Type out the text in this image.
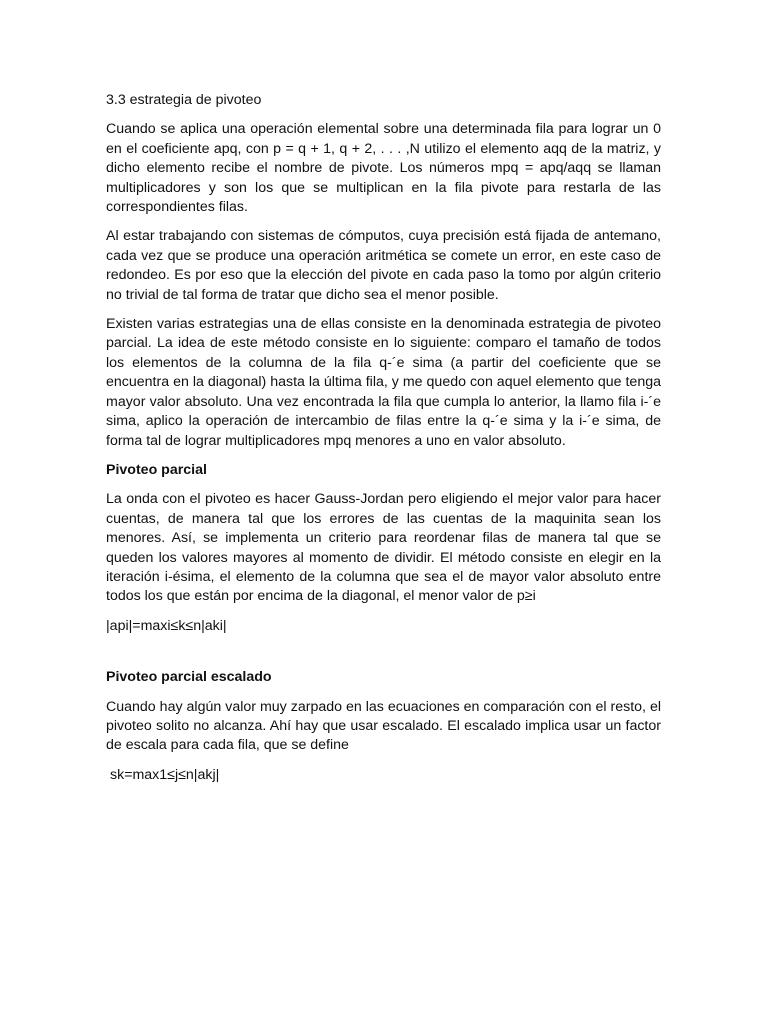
3.3 estrategia de pivoteo

Cuando se aplica una operación elemental sobre una determinada fila para lograr un 0 en el coeficiente apq, con p = q + 1, q + 2, . . . ,N utilizo el elemento aqq de la matriz, y dicho elemento recibe el nombre de pivote. Los números mpq = apq/aqq se llaman multiplicadores y son los que se multiplican en la fila pivote para restarla de las correspondientes filas.

Al estar trabajando con sistemas de cómputos, cuya precisión está fijada de antemano, cada vez que se produce una operación aritmética se comete un error, en este caso de redondeo. Es por eso que la elección del pivote en cada paso la tomo por algún criterio no trivial de tal forma de tratar que dicho sea el menor posible.

Existen varias estrategias una de ellas consiste en la denominada estrategia de pivoteo parcial. La idea de este método consiste en lo siguiente: comparo el tamaño de todos los elementos de la columna de la fila q-´e sima (a partir del coeficiente que se encuentra en la diagonal) hasta la última fila, y me quedo con aquel elemento que tenga mayor valor absoluto. Una vez encontrada la fila que cumpla lo anterior, la llamo fila i-´e sima, aplico la operación de intercambio de filas entre la q-´e sima y la i-´e sima, de forma tal de lograr multiplicadores mpq menores a uno en valor absoluto.

Pivoteo parcial

La onda con el pivoteo es hacer Gauss-Jordan pero eligiendo el mejor valor para hacer cuentas, de manera tal que los errores de las cuentas de la maquinita sean los menores. Así, se implementa un criterio para reordenar filas de manera tal que se queden los valores mayores al momento de dividir. El método consiste en elegir en la iteración i-ésima, el elemento de la columna que sea el de mayor valor absoluto entre todos los que están por encima de la diagonal, el menor valor de p≥i

|api|=maxi≤k≤n|aki|

Pivoteo parcial escalado

Cuando hay algún valor muy zarpado en las ecuaciones en comparación con el resto, el pivoteo solito no alcanza. Ahí hay que usar escalado. El escalado implica usar un factor de escala para cada fila, que se define

sk=max1≤j≤n|akj|
